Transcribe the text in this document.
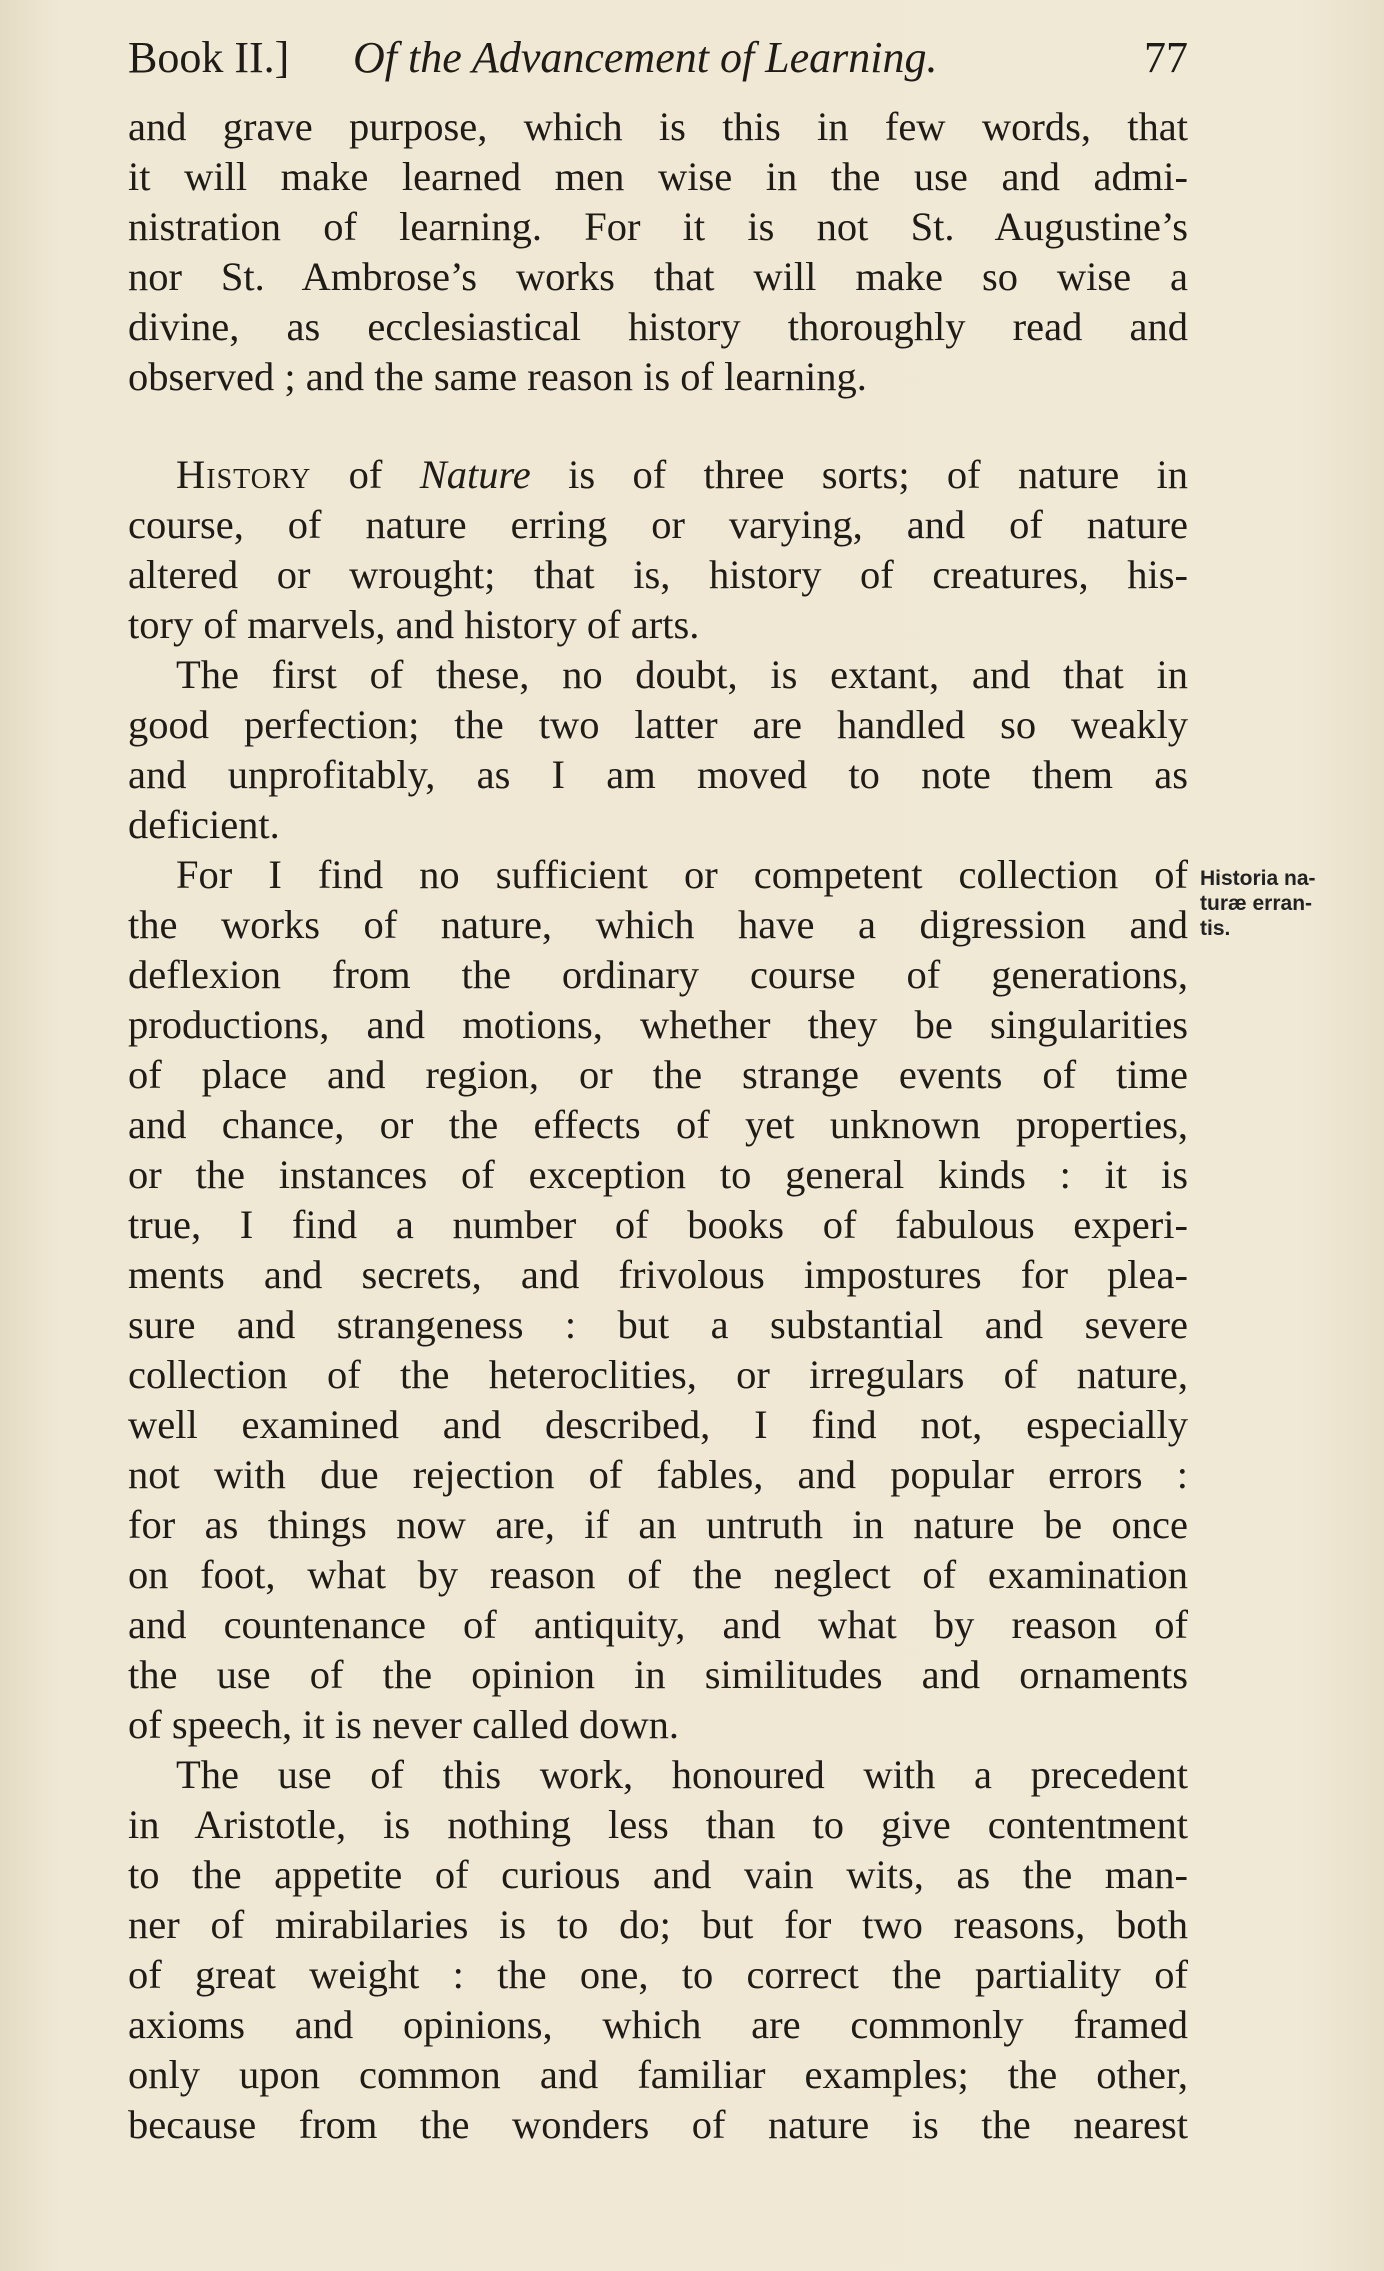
Book II.] Of the Advancement of Learning.	77
and grave purpose, which is this in few words, that
it will make learned men wise in the use and admi-
nistration of learning. For it is not St. Augustine’s
nor St. Ambrose’s works that will make so wise a
divine, as ecclesiastical history thoroughly read and
observed ; and the same reason is of learning.
History of Nature is of three sorts; of nature in
course, of nature erring or varying, and of nature
altered or wrought; that is, history of creatures, his-
tory of marvels, and history of arts.
The first of these, no doubt, is extant, and that in
good perfection; the two latter are handled so weakly
and unprofitably, as I am moved to note them as
deficient.
For I find no sufficient or competent collection of
the works of nature, which have a digression and
deflexion from the ordinary course of generations,
productions, and motions, whether they be singularities
of place and region, or the strange events of time
and chance, or the effects of yet unknown properties,
or the instances of exception to general kinds : it is
true, I find a number of books of fabulous experi-
ments and secrets, and frivolous impostures for plea-
sure and strangeness : but a substantial and severe
collection of the heteroclities, or irregulars of nature,
well examined and described, I find not, especially
not with due rejection of fables, and popular errors :
for as things now are, if an untruth in nature be once
on foot, what by reason of the neglect of examination
and countenance of antiquity, and what by reason of
the use of the opinion in similitudes and ornaments
of speech, it is never called down.
The use of this work, honoured with a precedent
in Aristotle, is nothing less than to give contentment
to the appetite of curious and vain wits, as the man-
ner of mirabilaries is to do; but for two reasons, both
of great weight : the one, to correct the partiality of
axioms and opinions, which are commonly framed
only upon common and familiar examples; the other,
because from the wonders of nature is the nearest
Historia na-
turæ erran-
tis.
